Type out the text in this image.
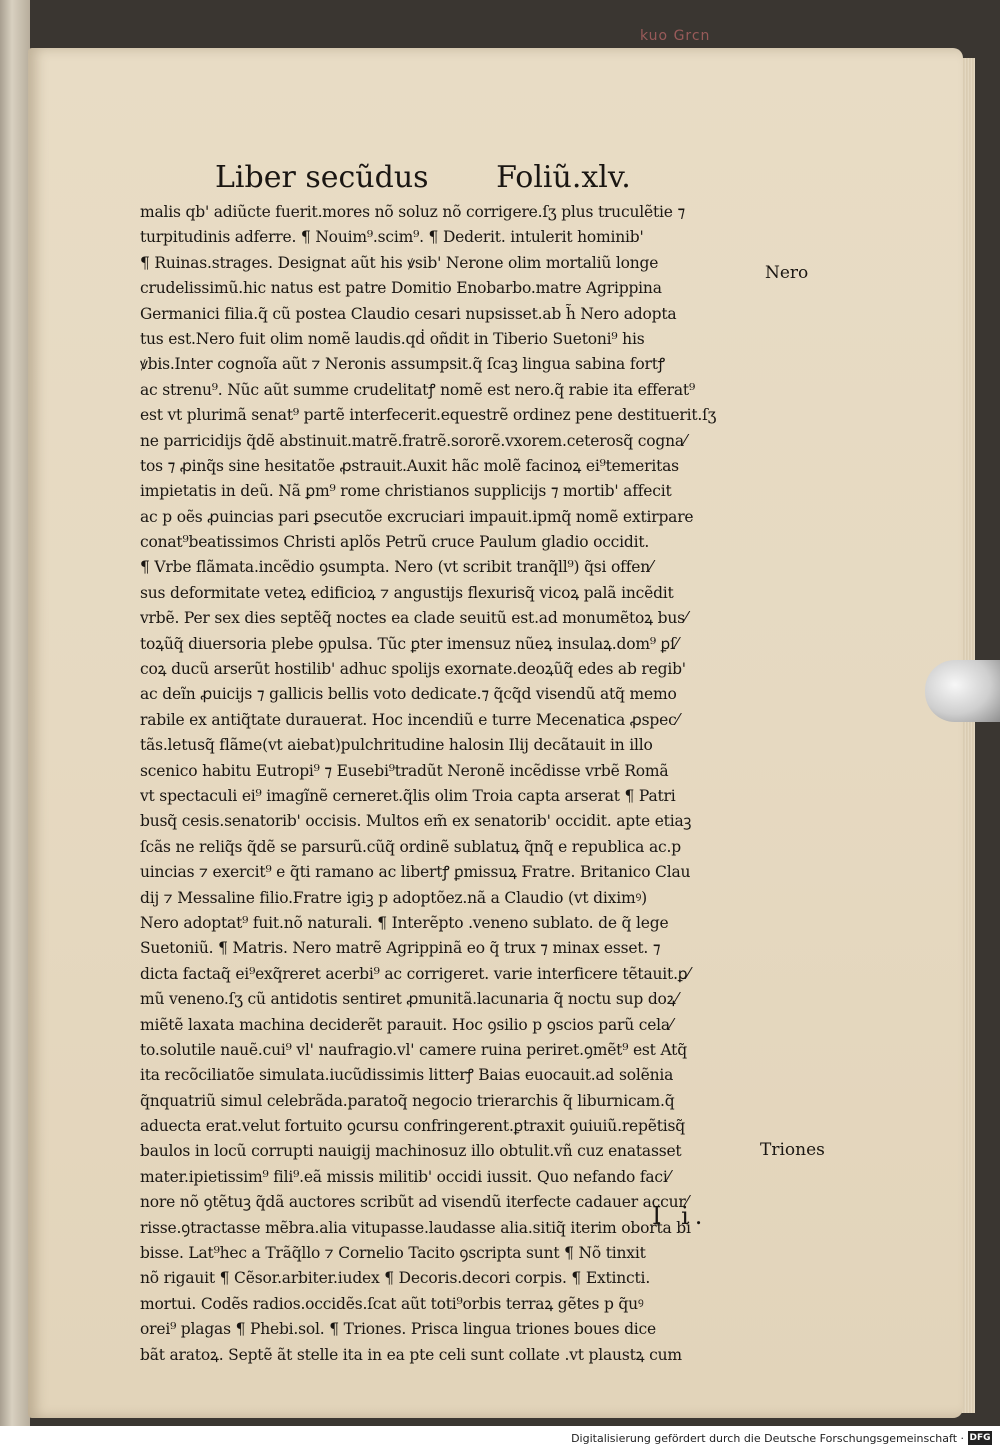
kuo Grcn
Liber secũdus Foliũ.xlv.
malis qb' adiũcte fuerit.mores nõ soluz nõ corrigere.ſʒ plus truculẽtie ⁊
turpitudinis adferre. ¶ Nouim⁹.scim⁹. ¶ Dederit. intulerit hominib'
¶ Ruinas.strages. Designat aũt his ꝟsib' Nerone olim mortaliũ longe
crudelissimũ.hic natus est patre Domitio Enobarbo.matre Agrippina
Germanici filia.q̃ cũ postea Claudio cesari nupsisset.ab h̃ Nero adopta
tus est.Nero fuit olim nomẽ laudis.qḋ oñdit in Tiberio Suetoni⁹ his
ꝟbis.Inter cognoĩa aũt ⁊ Neronis assumpsit.q̃ ſcaꝫ lingua sabina fortꝭ
ac strenu⁹. Nũc aũt summe crudelitatꝭ nomẽ est nero.q̃ rabie ita efferat⁹
est vt plurimã senat⁹ partẽ interfecerit.equestrẽ ordinez pene destituerit.ſʒ
ne parricidijs q̃dẽ abstinuit.matrẽ.fratrẽ.sororẽ.vxorem.ceterosq̃ cogna⁄
tos ⁊ ꝓinq̃s sine hesitatõe ꝓstrauit.Auxit hãc molẽ facinoꝝ ei⁹temeritas
impietatis in deũ. Nã ꝑm⁹ rome christianos supplicijs ⁊ mortib' affecit
ac p oẽs ꝓuincias pari ꝑsecutõe excruciari impauit.ipmq̃ nomẽ extirpare
conat⁹beatissimos Christi aplõs Petrũ cruce Paulum gladio occidit.
¶ Vrbe flãmata.incẽdio ꝯsumpta. Nero (vt scribit tranq̃ll⁹) q̃si offen⁄
sus deformitate veteꝝ edificioꝝ ⁊ angustijs flexurisq̃ vicoꝝ palã incẽdit
vrbẽ. Per sex dies septẽq̃ noctes ea clade seuitũ est.ad monumẽtoꝝ bus⁄
toꝝũq̃ diuersoria plebe ꝯpulsa. Tũc ꝑter imensuz nũeꝝ insulaꝝ.dom⁹ ꝑſ⁄
coꝝ ducũ arserũt hostilib' adhuc spolijs exornate.deoꝝũq̃ edes ab regib'
ac deĩn ꝓuicijs ⁊ gallicis bellis voto dedicate.⁊ q̃cq̃d visendũ atq̃ memo
rabile ex antiq̃tate durauerat. Hoc incendiũ e turre Mecenatica ꝓspec⁄
tãs.letusq̃ flãme(vt aiebat)pulchritudine halosin Ilij decãtauit in illo
scenico habitu Eutropi⁹ ⁊ Eusebi⁹tradũt Neronẽ incẽdisse vrbẽ Romã
vt spectaculi ei⁹ imagĩnẽ cerneret.q̃lis olim Troia capta arserat ¶ Patri
busq̃ cesis.senatorib' occisis. Multos em̃ ex senatorib' occidit. apte etiaꝫ
ſcãs ne reliq̃s q̃dẽ se parsurũ.cũq̃ ordinẽ sublatuꝝ q̃nq̃ e republica ac.p
uincias ⁊ exercit⁹ e q̃ti ramano ac libertꝭ ꝑmissuꝝ Fratre. Britanico Clau
dij ⁊ Messaline filio.Fratre igiꝫ p adoptõez.nã a Claudio (vt diximꝰ)
Nero adoptat⁹ fuit.nõ naturali. ¶ Interẽpto .veneno sublato. de q̃ lege
Suetoniũ. ¶ Matris. Nero matrẽ Agrippinã eo q̃ trux ⁊ minax esset. ⁊
dicta factaq̃ ei⁹exq̃reret acerbi⁹ ac corrigeret. varie interficere tẽtauit.ꝑ⁄
mũ veneno.ſʒ cũ antidotis sentiret ꝓmunitã.lacunaria q̃ noctu sup doꝝ⁄
miẽtẽ laxata machina deciderẽt parauit. Hoc ꝯsilio p ꝯscios parũ cela⁄
to.solutile nauẽ.cui⁹ vl' naufragio.vl' camere ruina periret.ꝯmẽt⁹ est Atq̃
ita recõciliatõe simulata.iucũdissimis litterꝭ Baias euocauit.ad solẽnia
q̃nquatriũ simul celebrãda.paratoq̃ negocio trierarchis q̃ liburnicam.q̃
aduecta erat.velut fortuito ꝯcursu confringerent.ꝑtraxit ꝯuiuiũ.repẽtisq̃
baulos in locũ corrupti nauigij machinosuz illo obtulit.vñ cuz enatasset
mater.ipietissim⁹ fili⁹.eã missis militib' occidi iussit. Quo nefando faci⁄
nore nõ ꝯtẽtuꝫ q̃dã auctores scribũt ad visendũ iterfecte cadauer accur⁄
risse.ꝯtractasse mẽbra.alia vitupasse.laudasse alia.sitiq̃ iterim oborta bi
bisse. Lat⁹hec a Trãq̃llo ⁊ Cornelio Tacito ꝯscripta sunt ¶ Nõ tinxit
nõ rigauit ¶ Cẽsor.arbiter.iudex ¶ Decoris.decori corpis. ¶ Extincti.
mortui. Codẽs radios.occidẽs.ſcat aũt toti⁹orbis terraꝝ gẽtes p q̃uꝰ
orei⁹ plagas ¶ Phebi.sol. ¶ Triones. Prisca lingua triones boues dice
bãt aratoꝝ. Septẽ ãt stelle ita in ea pte celi sunt collate .vt plaustꝝ cum
Nero
Triones
I i.
Digitalisierung gefördert durch die Deutsche Forschungsgemeinschaft · DFG
